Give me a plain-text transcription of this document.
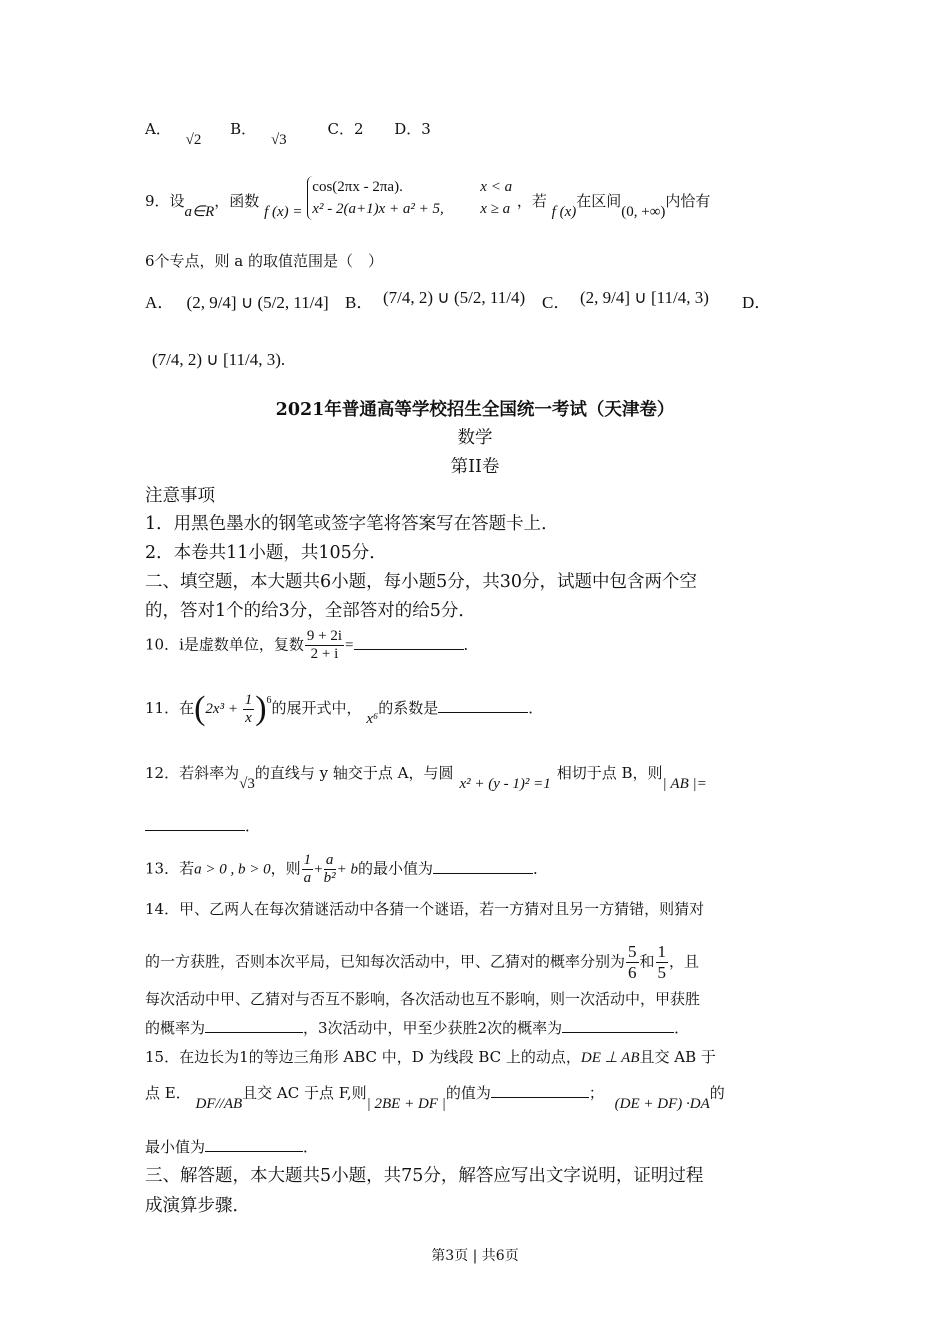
A． √2 B． √3 C．2 D．3
9．设a∈R，函数 f (x) = cos(2πx - 2πa).	x < a
x² - 2(a+1)x + a² + 5, x ≥ a ，若 f (x)在区间(0, +∞)内恰有
6个专点，则 a 的取值范围是（　）
A． (2, 9/4] ∪ (5/2, 11/4] B． (7/4, 2) ∪ (5/2, 11/4) C． (2, 9/4] ∪ [11/4, 3) D．
(7/4, 2) ∪ [11/4, 3).
2021年普通高等学校招生全国统一考试（天津卷）
数学
第II卷
注意事项
1．用黑色墨水的钢笔或签字笔将答案写在答题卡上．
2．本卷共11小题，共105分．
二、填空题，本大题共6小题，每小题5分，共30分，试题中包含两个空
的，答对1个的给3分，全部答对的给5分．
10．i是虚数单位，复数 $\frac{9 + 2i}{2 + i}$ =	．
11．在$(2x^3 + \frac{1}{x} )^6$的展开式中， x⁶的系数是	．
12．若斜率为√3的直线与 y 轴交于点 A，与圆x² + (y - 1)² =1相切于点 B，则| AB |=
．
13．若a > 0 , b > 0，则 $\frac{1}{a} + \frac{a}{\text{b²}} + b$的最小值为	．
14．甲、乙两人在每次猜谜活动中各猜一个谜语，若一方猜对且另一方猜错，则猜对
的一方获胜，否则本次平局，已知每次活动中，甲、乙猜对的概率分别为 $\frac{5}{6}$ 和 $\frac{1}{5}$ ，且
每次活动中甲、乙猜对与否互不影响，各次活动也互不影响，则一次活动中，甲获胜
的概率为	，3次活动中，甲至少获胜2次的概率为	．
15．在边长为1的等边三角形 ABC 中，D 为线段 BC 上的动点，DE ⊥ AB且交 AB 于
点 E． DF//AB且交 AC 于点 F,则| 2BE + DF |的值为	； (DE + DF) ·DA的
最小值为	．
三、解答题，本大题共5小题，共75分，解答应写出文字说明，证明过程
成演算步骤．
第3页 | 共6页
